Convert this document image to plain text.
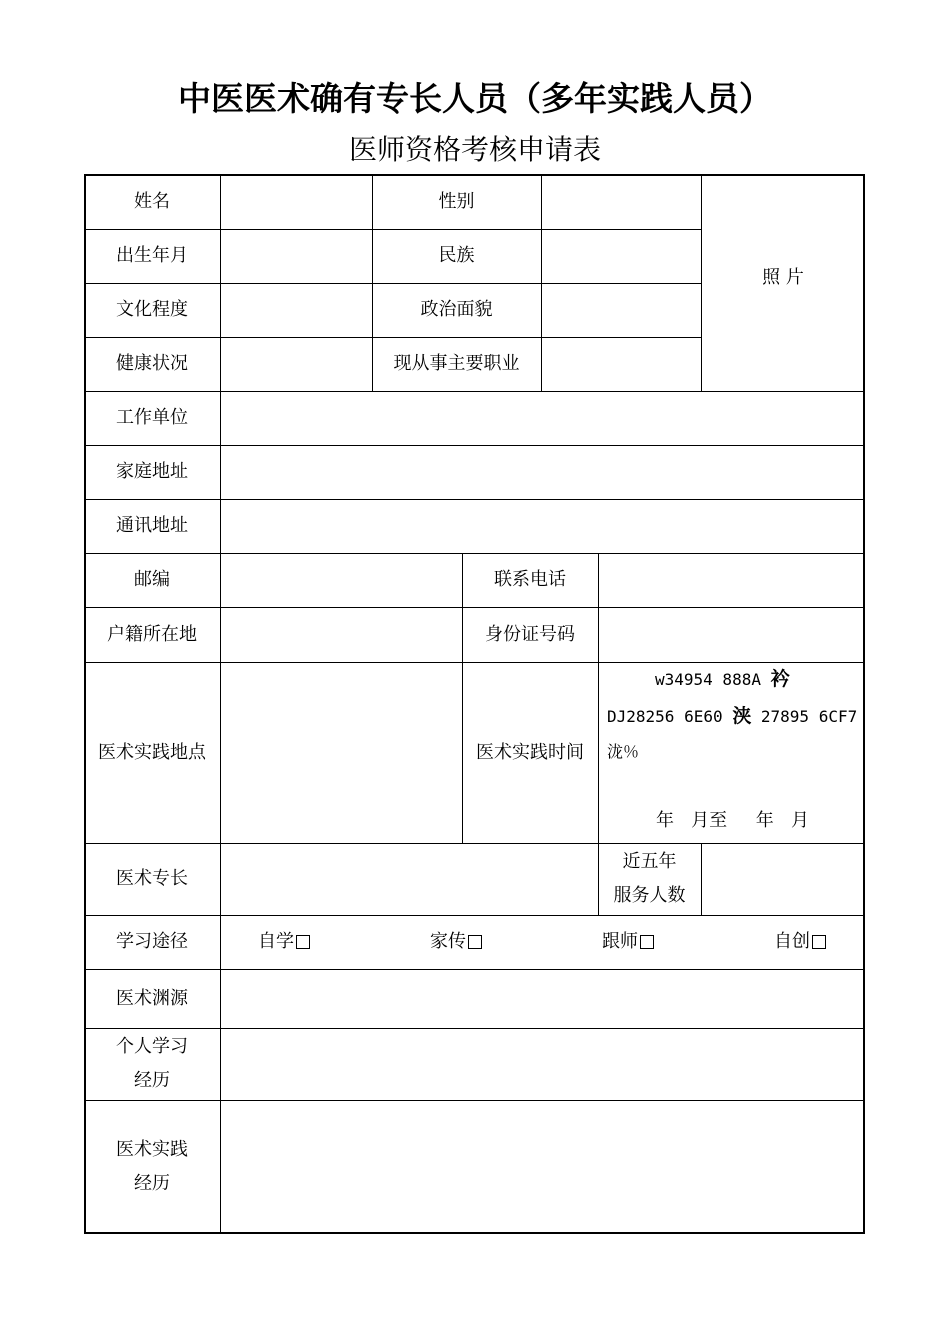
中医医术确有专长人员（多年实践人员）
医师资格考核申请表
姓名	性别
出生年月	民族
文化程度	政治面貌
健康状况	现从事主要职业
照 片
工作单位
家庭地址
通讯地址
邮编	联系电话
户籍所在地	身份证号码
医术实践地点	医术实践时间
w34954 888A 衿
DJ28256 6E60 浃 27895 6CF7
泷％
年   月至     年   月
医术专长
近五年
服务人数
学习途径	自学	家传	跟师	自创
医术渊源
个人学习
经历
医术实践
经历
